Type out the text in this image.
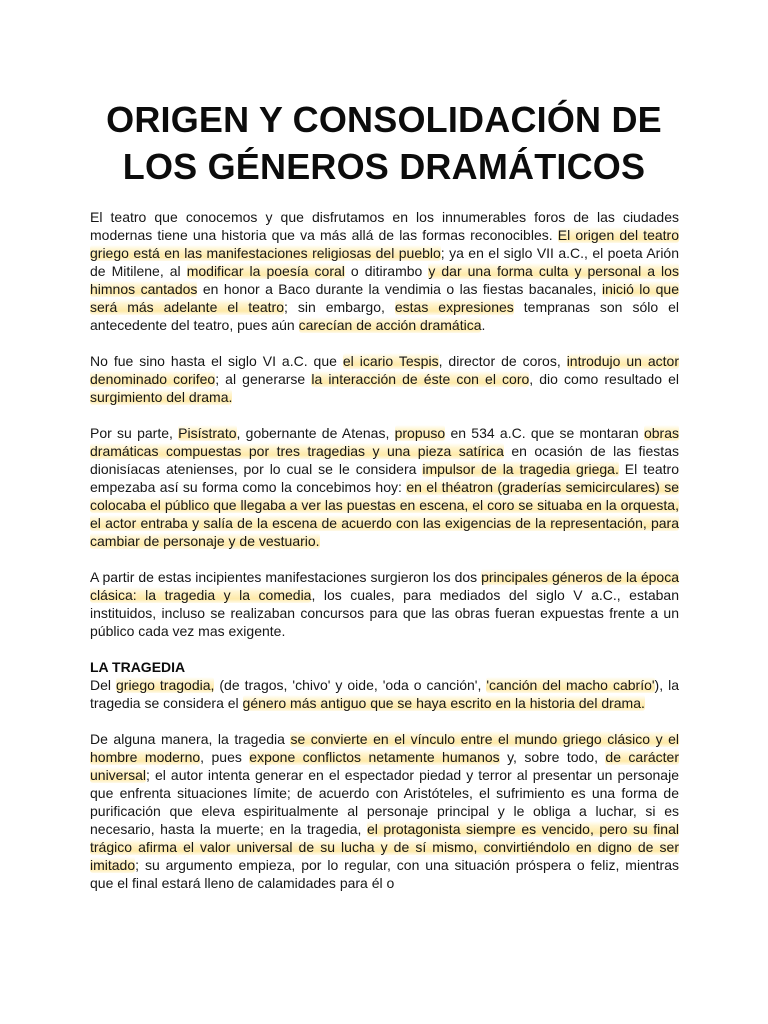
ORIGEN Y CONSOLIDACIÓN DE
LOS GÉNEROS DRAMÁTICOS

El teatro que conocemos y que disfrutamos en los innumerables foros de las ciudades modernas tiene una historia que va más allá de las formas reconocibles. El origen del teatro griego está en las manifestaciones religiosas del pueblo; ya en el siglo VII a.C., el poeta Arión de Mitilene, al modificar la poesía coral o ditirambo y dar una forma culta y personal a los himnos cantados en honor a Baco durante la vendimia o las fiestas bacanales, inició lo que será más adelante el teatro; sin embargo, estas expresiones tempranas son sólo el antecedente del teatro, pues aún carecían de acción dramática.

No fue sino hasta el siglo VI a.C. que el icario Tespis, director de coros, introdujo un actor denominado corifeo; al generarse la interacción de éste con el coro, dio como resultado el surgimiento del drama.

Por su parte, Pisístrato, gobernante de Atenas, propuso en 534 a.C. que se montaran obras dramáticas compuestas por tres tragedias y una pieza satírica en ocasión de las fiestas dionisíacas atenienses, por lo cual se le considera impulsor de la tragedia griega. El teatro empezaba así su forma como la concebimos hoy: en el théatron (graderías semicirculares) se colocaba el público que llegaba a ver las puestas en escena, el coro se situaba en la orquesta, el actor entraba y salía de la escena de acuerdo con las exigencias de la representación, para cambiar de personaje y de vestuario.

A partir de estas incipientes manifestaciones surgieron los dos principales géneros de la época clásica: la tragedia y la comedia, los cuales, para mediados del siglo V a.C., estaban instituidos, incluso se realizaban concursos para que las obras fueran expuestas frente a un público cada vez mas exigente.

LA TRAGEDIA

Del griego tragodia, (de tragos, 'chivo' y oide, 'oda o canción', 'canción del macho cabrío'), la tragedia se considera el género más antiguo que se haya escrito en la historia del drama.

De alguna manera, la tragedia se convierte en el vínculo entre el mundo griego clásico y el hombre moderno, pues expone conflictos netamente humanos y, sobre todo, de carácter universal; el autor intenta generar en el espectador piedad y terror al presentar un personaje que enfrenta situaciones límite; de acuerdo con Aristóteles, el sufrimiento es una forma de purificación que eleva espiritualmente al personaje principal y le obliga a luchar, si es necesario, hasta la muerte; en la tragedia, el protagonista siempre es vencido, pero su final trágico afirma el valor universal de su lucha y de sí mismo, convirtiéndolo en digno de ser imitado; su argumento empieza, por lo regular, con una situación próspera o feliz, mientras que el final estará lleno de calamidades para él o
